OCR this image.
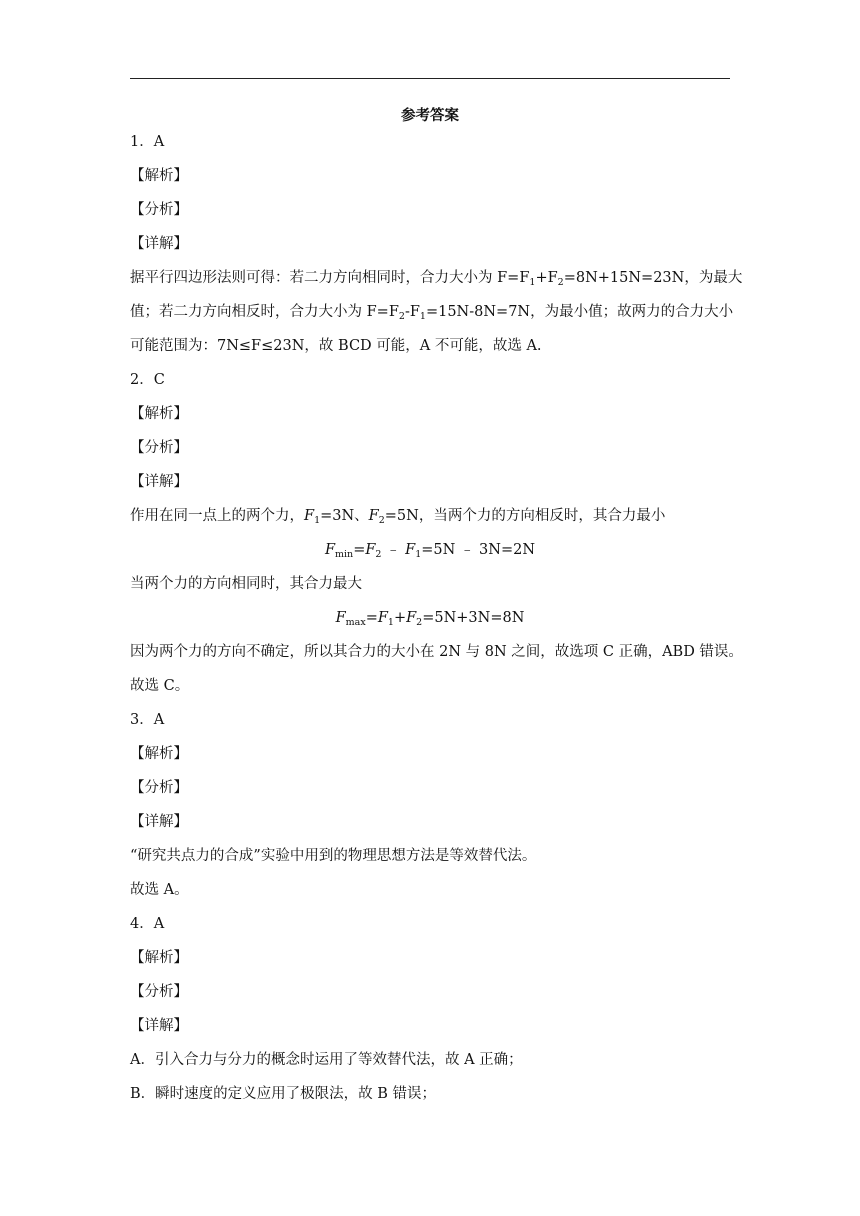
参考答案
1．A
【解析】
【分析】
【详解】
据平行四边形法则可得：若二力方向相同时，合力大小为 $F=F_1+F_2=8N+15N=23N$，为最大
值；若二力方向相反时，合力大小为 $F=F_2-F_1=15N-8N=7N$，为最小值；故两力的合力大小
可能范围为：7N≤F≤23N，故 BCD 可能，A 不可能，故选 A.
2．C
【解析】
【分析】
【详解】
作用在同一点上的两个力，$F_1=3N$、$F_2=5N$，当两个力的方向相反时，其合力最小
$F_{min}=F_2$ ﹣ $F_1=5N$ ﹣ 3N=2N
当两个力的方向相同时，其合力最大
$F_{max}=F_1+F_2=5N+3N=8N$
因为两个力的方向不确定，所以其合力的大小在 2N 与 8N 之间，故选项 C 正确，ABD 错误。
故选 C。
3．A
【解析】
【分析】
【详解】
“研究共点力的合成”实验中用到的物理思想方法是等效替代法。
故选 A。
4．A
【解析】
【分析】
【详解】
A．引入合力与分力的概念时运用了等效替代法，故 A 正确；
B．瞬时速度的定义应用了极限法，故 B 错误；
